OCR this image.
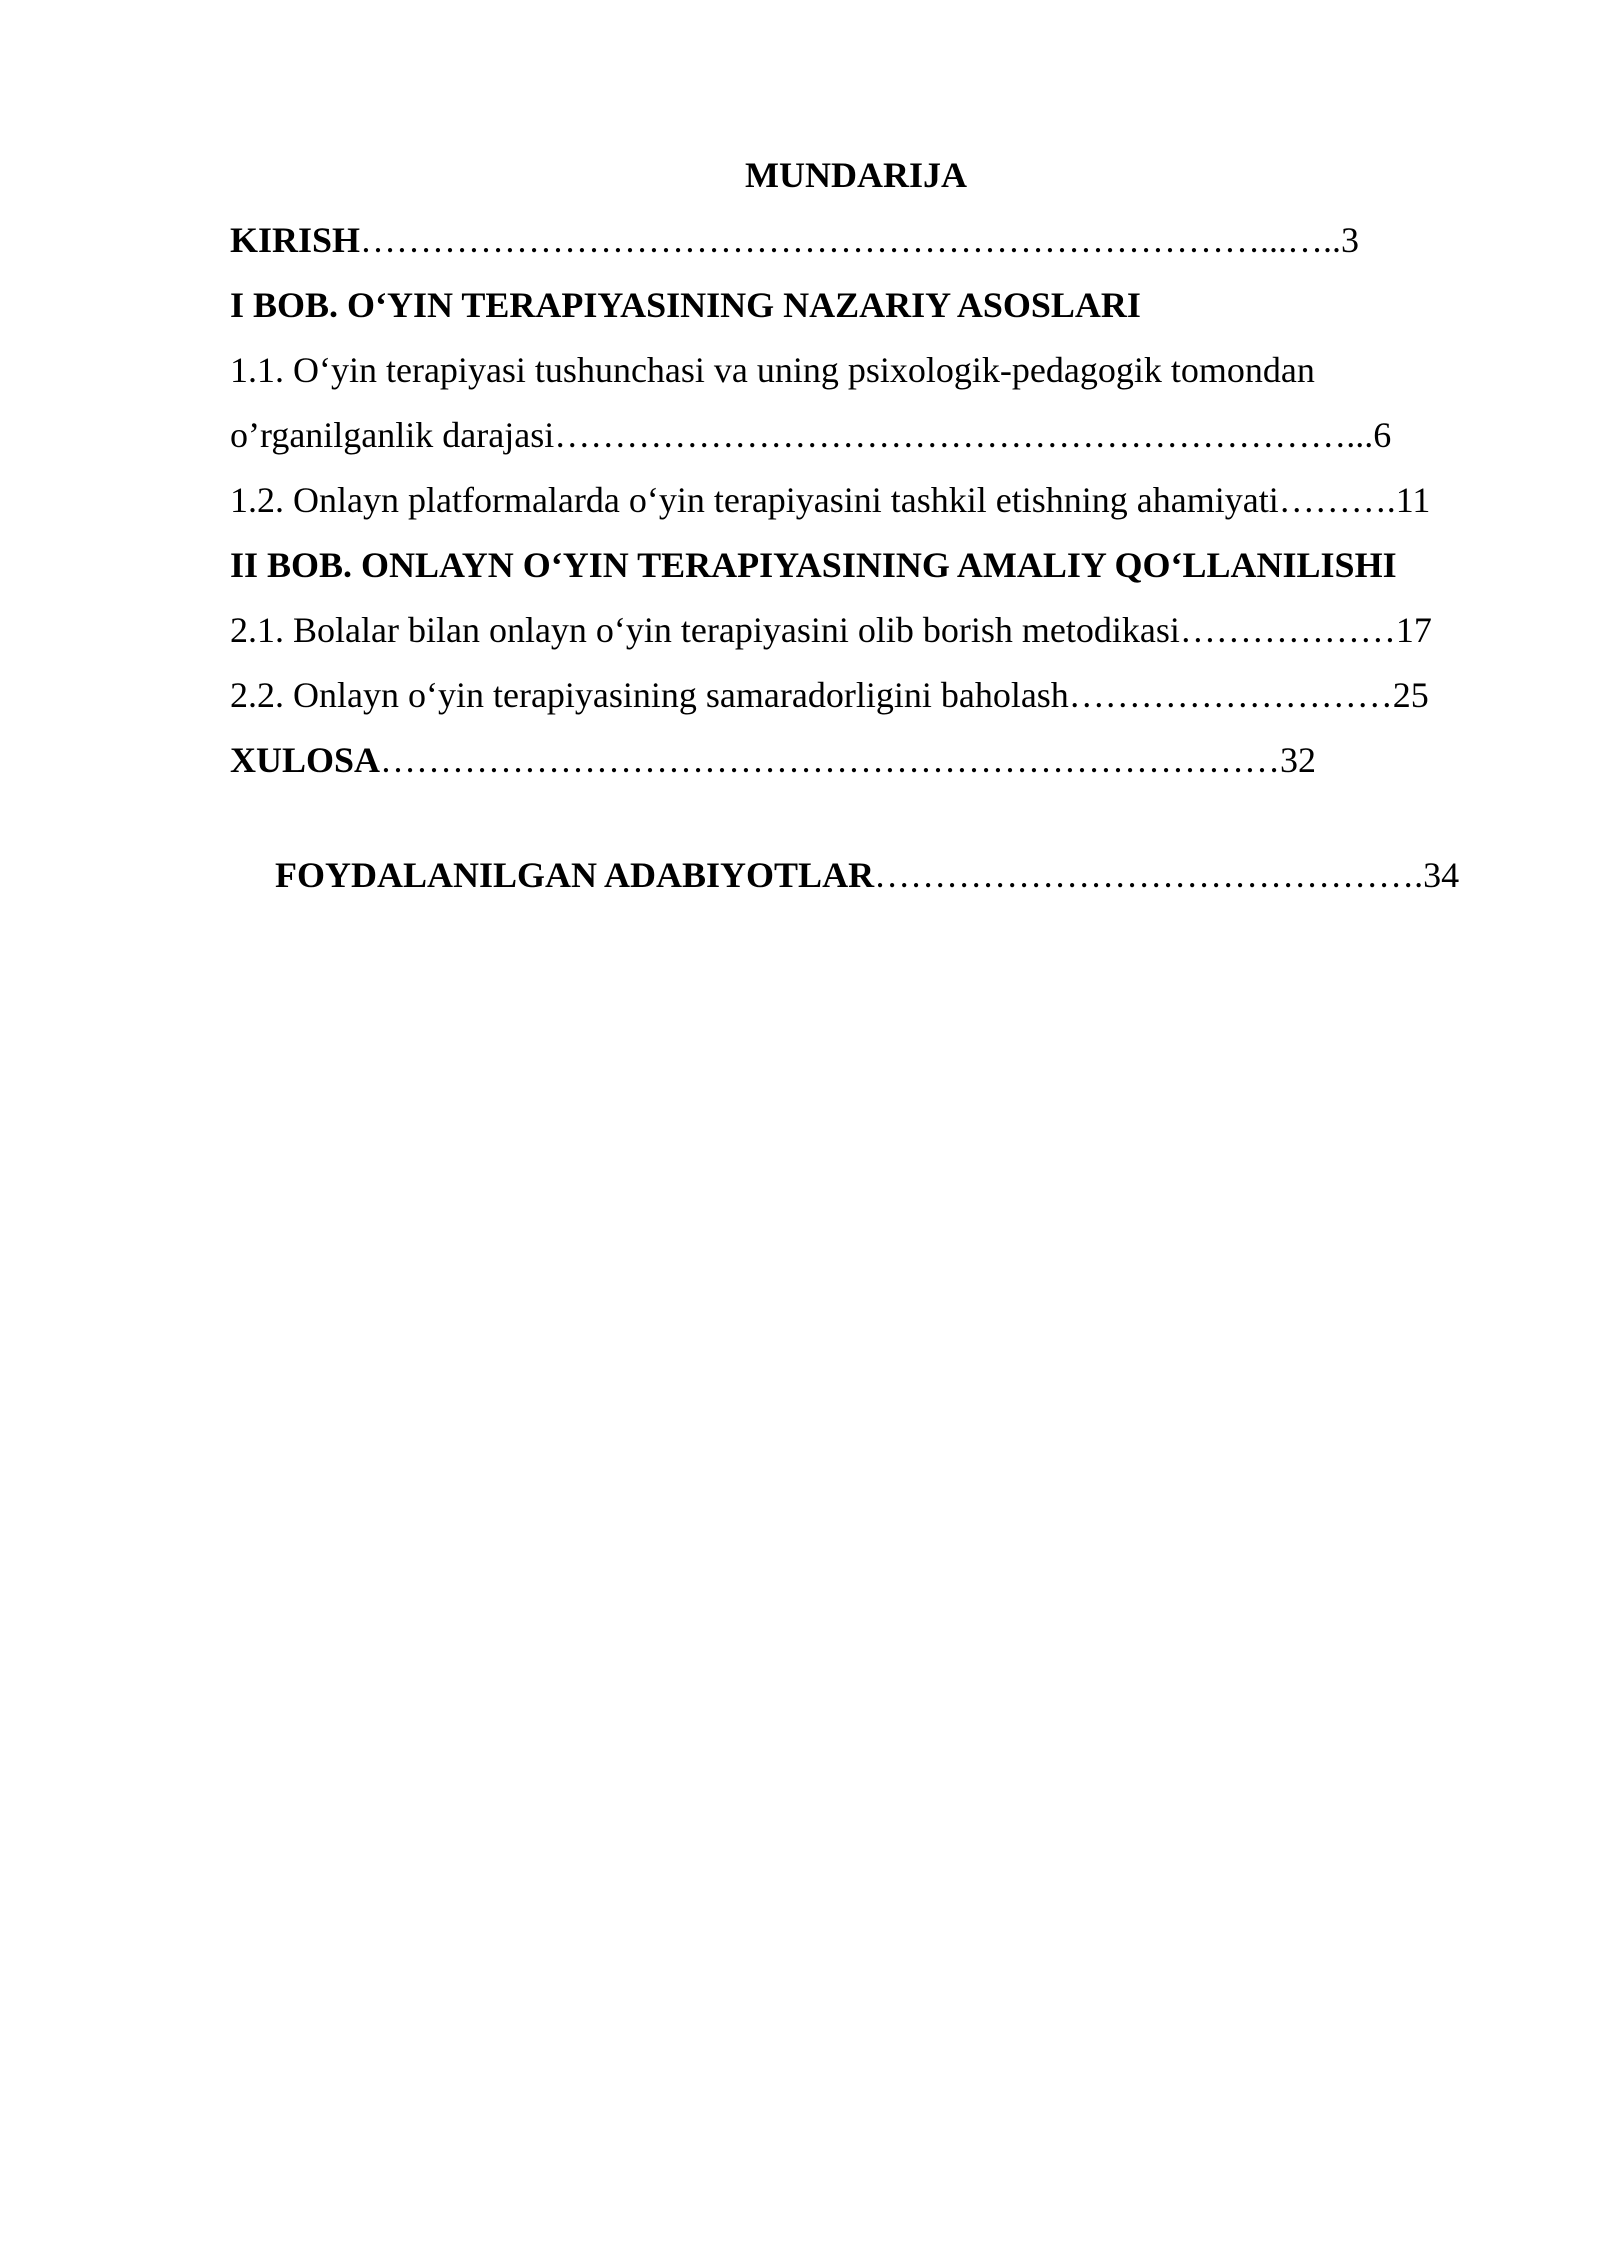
MUNDARIJA
KIRISH…………………………………………………………………...…..3
I BOB. O‘YIN TERAPIYASINING NAZARIY ASOSLARI
1.1. O‘yin terapiyasi tushunchasi va uning psixologik-pedagogik tomondan
o’rganilganlik darajasi…………………………………………………………...6
1.2. Onlayn platformalarda o‘yin terapiyasini tashkil etishning ahamiyati……….11
II BOB. ONLAYN O‘YIN TERAPIYASINING AMALIY QO‘LLANILISHI
2.1. Bolalar bilan onlayn o‘yin terapiyasini olib borish metodikasi………………17
2.2. Onlayn o‘yin terapiyasining samaradorligini baholash………………………25
XULOSA…………………………………………………………………32

FOYDALANILGAN ADABIYOTLAR……………………………………….34
